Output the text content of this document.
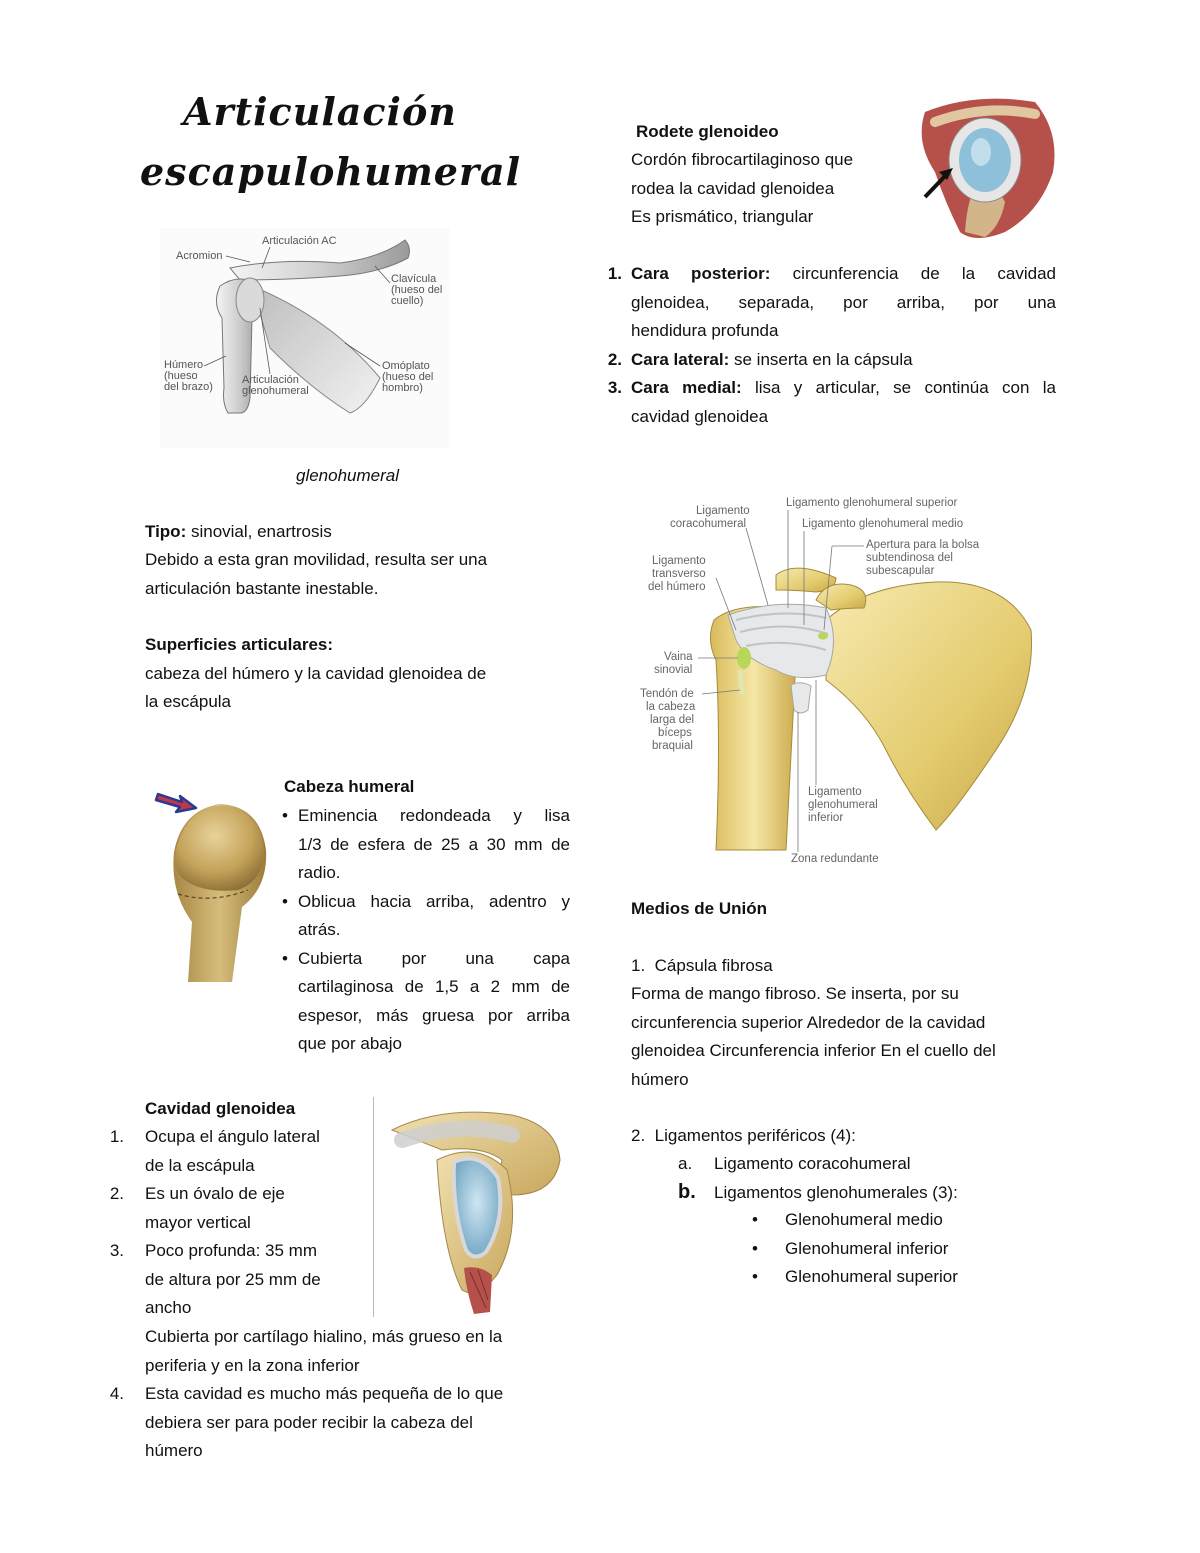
Articulación
escapulohumeral
Acromion
Articulación AC
Clavícula
(hueso del
cuello)
Húmero
(hueso
del brazo)
Articulación
glenohumeral
Omóplato
(hueso del
hombro)
glenohumeral
Tipo: sinovial, enartrosis
Debido a esta gran movilidad, resulta ser una
articulación bastante inestable.
Superficies articulares:
cabeza del húmero y la cavidad glenoidea de
la escápula
Cabeza humeral
• Eminencia redondeada y lisa
1/3 de esfera de 25 a 30 mm de
radio.
• Oblicua hacia arriba, adentro y
atrás.
• Cubierta por una capa
cartilaginosa de 1,5 a 2 mm de
espesor, más gruesa por arriba
que por abajo
Cavidad glenoidea
1. Ocupa el ángulo lateral
de la escápula
2. Es un óvalo de eje
mayor vertical
3. Poco profunda: 35 mm
de altura por 25 mm de
ancho
Cubierta por cartílago hialino, más grueso en la
periferia y en la zona inferior
4. Esta cavidad es mucho más pequeña de lo que
debiera ser para poder recibir la cabeza del
húmero
Rodete glenoideo
Cordón fibrocartilaginoso que
rodea la cavidad glenoidea
Es prismático, triangular
1. Cara posterior: circunferencia de la cavidad
glenoidea, separada, por arriba, por una
hendidura profunda
2. Cara lateral: se inserta en la cápsula
3. Cara medial: lisa y articular, se continúa con la
cavidad glenoidea
Ligamento
coracohumeral
Ligamento glenohumeral superior
Ligamento glenohumeral medio
Apertura para la bolsa
subtendinosa del
subescapular
Ligamento
transverso
del húmero
Vaina
sinovial
Tendón de
la cabeza
larga del
bíceps
braquial
Ligamento
glenohumeral
inferior
Zona redundante
Medios de Unión
1. Cápsula fibrosa
Forma de mango fibroso. Se inserta, por su
circunferencia superior Alrededor de la cavidad
glenoidea Circunferencia inferior En el cuello del
húmero
2. Ligamentos periféricos (4):
a. Ligamento coracohumeral
b. Ligamentos glenohumerales (3):
• Glenohumeral medio
• Glenohumeral inferior
• Glenohumeral superior
